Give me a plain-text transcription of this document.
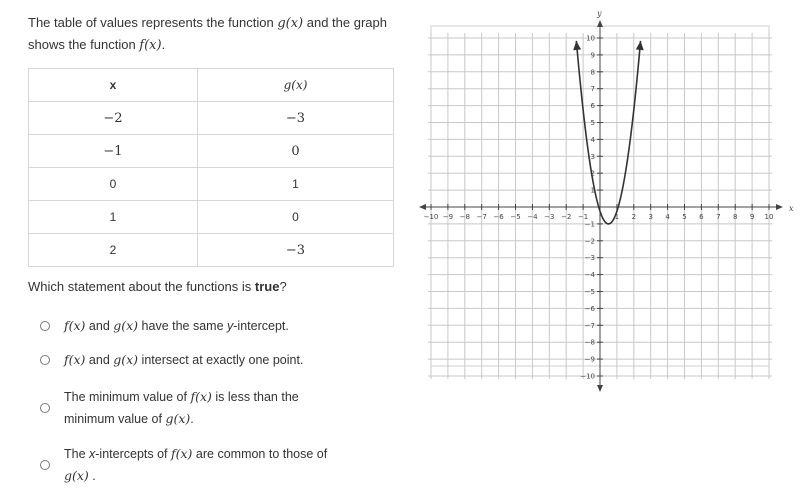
The table of values represents the function g(x) and the graph
shows the function f(x).
x	g(x)
−2	−3
−1	0
0	1
1	0
2	−3
Which statement about the functions is true?
f(x) and g(x) have the same y-intercept.
f(x) and g(x) intersect at exactly one point.
The minimum value of f(x) is less than the
minimum value of g(x).
The x-intercepts of f(x) are common to those of
g(x) .
x
y
−10 −9 −8 −7 −6 −5 −4 −3 −2 −1	1 2 3 4 5 6 7 8 9 10
−10
−9
−8
−7
−6
−5
−4
−3
−2
−1
1
2
3
4
5
6
7
8
9
10
